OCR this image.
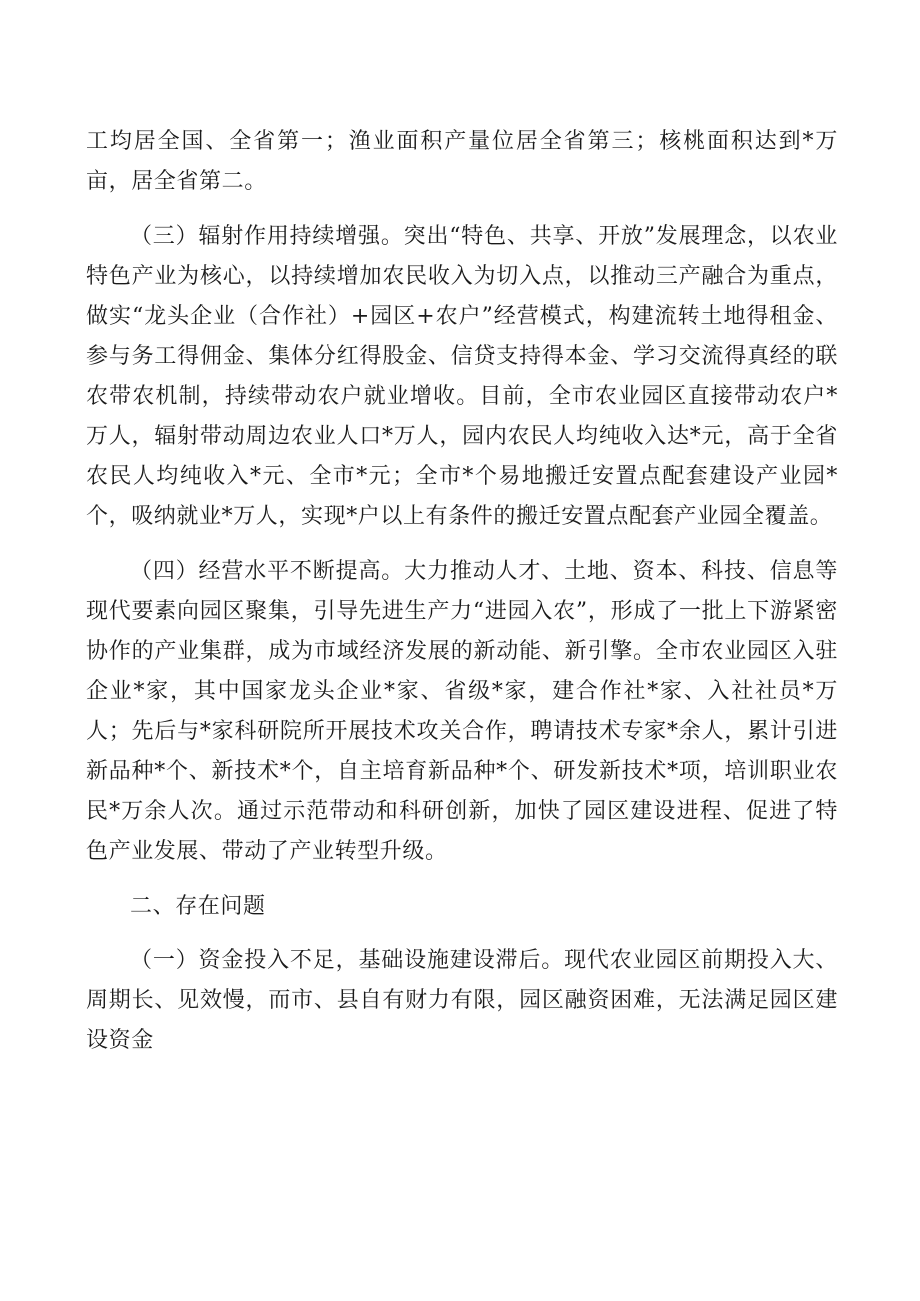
工均居全国、全省第一；渔业面积产量位居全省第三；核桃面积达到*万亩，居全省第二。

（三）辐射作用持续增强。突出“特色、共享、开放”发展理念，以农业特色产业为核心，以持续增加农民收入为切入点，以推动三产融合为重点，做实“龙头企业（合作社）+园区+农户”经营模式，构建流转土地得租金、参与务工得佣金、集体分红得股金、信贷支持得本金、学习交流得真经的联农带农机制，持续带动农户就业增收。目前，全市农业园区直接带动农户*万人，辐射带动周边农业人口*万人，园内农民人均纯收入达*元，高于全省农民人均纯收入*元、全市*元；全市*个易地搬迁安置点配套建设产业园*个，吸纳就业*万人，实现*户以上有条件的搬迁安置点配套产业园全覆盖。

（四）经营水平不断提高。大力推动人才、土地、资本、科技、信息等现代要素向园区聚集，引导先进生产力“进园入农”，形成了一批上下游紧密协作的产业集群，成为市域经济发展的新动能、新引擎。全市农业园区入驻企业*家，其中国家龙头企业*家、省级*家，建合作社*家、入社社员*万人；先后与*家科研院所开展技术攻关合作，聘请技术专家*余人，累计引进新品种*个、新技术*个，自主培育新品种*个、研发新技术*项，培训职业农民*万余人次。通过示范带动和科研创新，加快了园区建设进程、促进了特色产业发展、带动了产业转型升级。

二、存在问题

（一）资金投入不足，基础设施建设滞后。现代农业园区前期投入大、周期长、见效慢，而市、县自有财力有限，园区融资困难，无法满足园区建设资金
